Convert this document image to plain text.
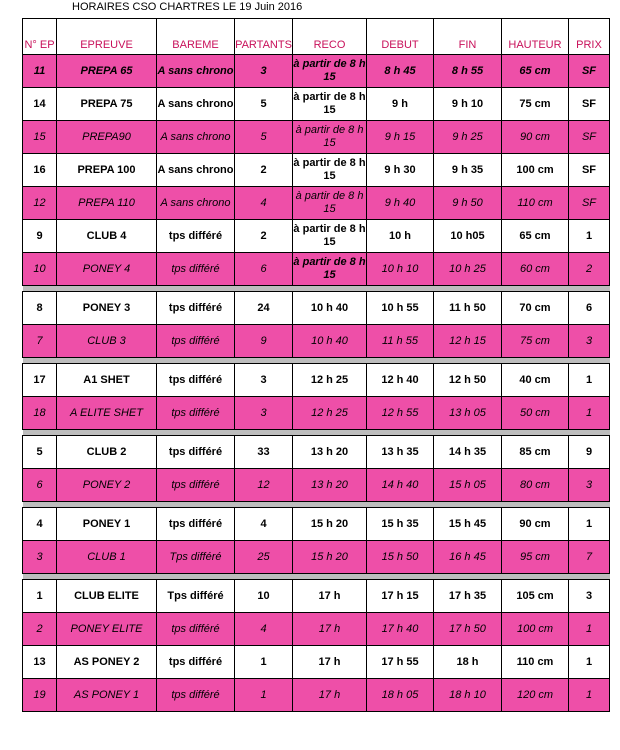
HORAIRES CSO CHARTRES LE 19 Juin 2016
N° EP	EPREUVE	BAREME	PARTANTS	RECO	DEBUT	FIN	HAUTEUR	PRIX
11	PREPA 65	A sans chrono	3	à partir de 8 h 15	8 h 45	8 h 55	65 cm	SF
14	PREPA 75	A sans chrono	5	à partir de 8 h 15	9 h	9 h 10	75 cm	SF
15	PREPA90	A sans chrono	5	à partir de 8 h 15	9 h 15	9 h 25	90 cm	SF
16	PREPA 100	A sans chrono	2	à partir de 8 h 15	9 h 30	9 h 35	100 cm	SF
12	PREPA 110	A sans chrono	4	à partir de 8 h 15	9 h 40	9 h 50	110 cm	SF
9	CLUB 4	tps différé	2	à partir de 8 h 15	10 h	10 h05	65 cm	1
10	PONEY 4	tps différé	6	à partir de 8 h 15	10 h 10	10 h 25	60 cm	2

8	PONEY 3	tps différé	24	10 h 40	10 h 55	11 h 50	70 cm	6
7	CLUB 3	tps différé	9	10 h 40	11 h 55	12 h 15	75 cm	3

17	A1 SHET	tps différé	3	12 h 25	12 h 40	12 h 50	40 cm	1
18	A ELITE SHET	tps différé	3	12 h 25	12 h 55	13 h 05	50 cm	1

5	CLUB 2	tps différé	33	13 h 20	13 h 35	14 h 35	85 cm	9
6	PONEY 2	tps différé	12	13 h 20	14 h 40	15 h 05	80 cm	3

4	PONEY 1	tps différé	4	15 h 20	15 h 35	15 h 45	90 cm	1
3	CLUB 1	Tps différé	25	15 h 20	15 h 50	16 h 45	95 cm	7

1	CLUB ELITE	Tps différé	10	17 h	17 h 15	17 h 35	105 cm	3
2	PONEY ELITE	tps différé	4	17 h	17 h 40	17 h 50	100 cm	1
13	AS PONEY 2	tps différé	1	17 h	17 h 55	18 h	110 cm	1
19	AS PONEY 1	tps différé	1	17 h	18 h 05	18 h 10	120 cm	1
